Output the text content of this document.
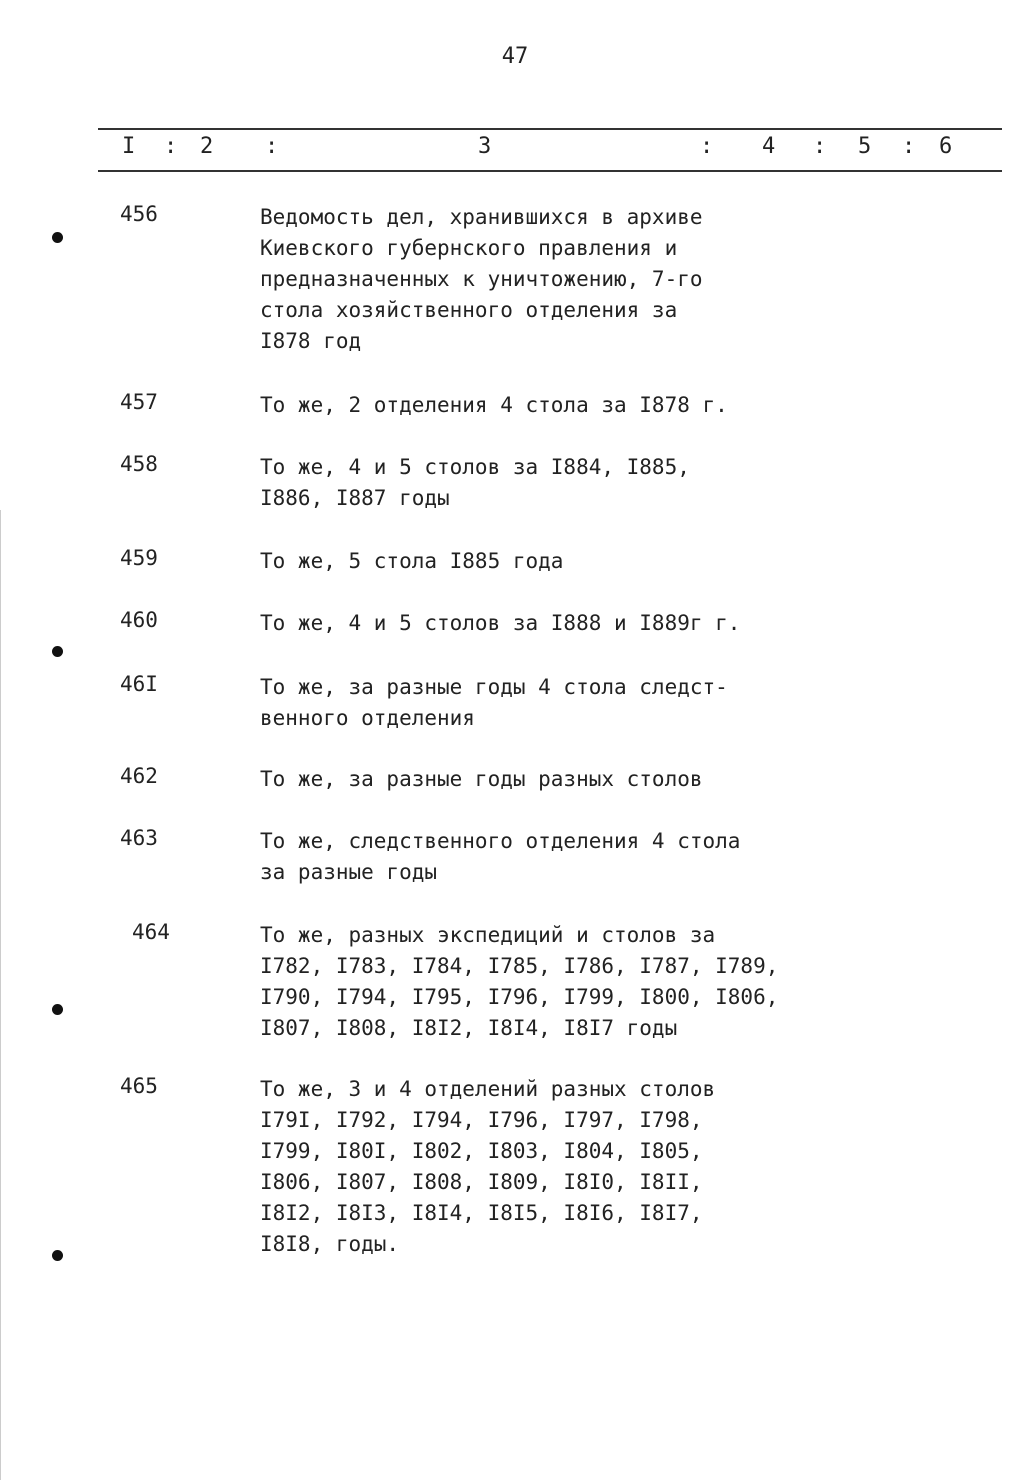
47
I : 2 :	3	: 4 : 5 : 6
456	Ведомость дел, хранившихся в архиве
Киевского губернского правления и
предназначенных к уничтожению, 7-го
стола хозяйственного отделения за
I878 год
457	То же, 2 отделения 4 стола за I878 г.
458	То же, 4 и 5 столов за I884, I885,
I886, I887 годы
459	То же, 5 стола I885 года
460	То же, 4 и 5 столов за I888 и I889г г.
46I	То же, за разные годы 4 стола следст-
венного отделения
462	То же, за разные годы разных столов
463	То же, следственного отделения 4 стола
за разные годы
464	То же, разных экспедиций и столов за
I782, I783, I784, I785, I786, I787, I789,
I790, I794, I795, I796, I799, I800, I806,
I807, I808, I8I2, I8I4, I8I7 годы
465	То же, 3 и 4 отделений разных столов
I79I, I792, I794, I796, I797, I798,
I799, I80I, I802, I803, I804, I805,
I806, I807, I808, I809, I8I0, I8II,
I8I2, I8I3, I8I4, I8I5, I8I6, I8I7,
I8I8, годы.
